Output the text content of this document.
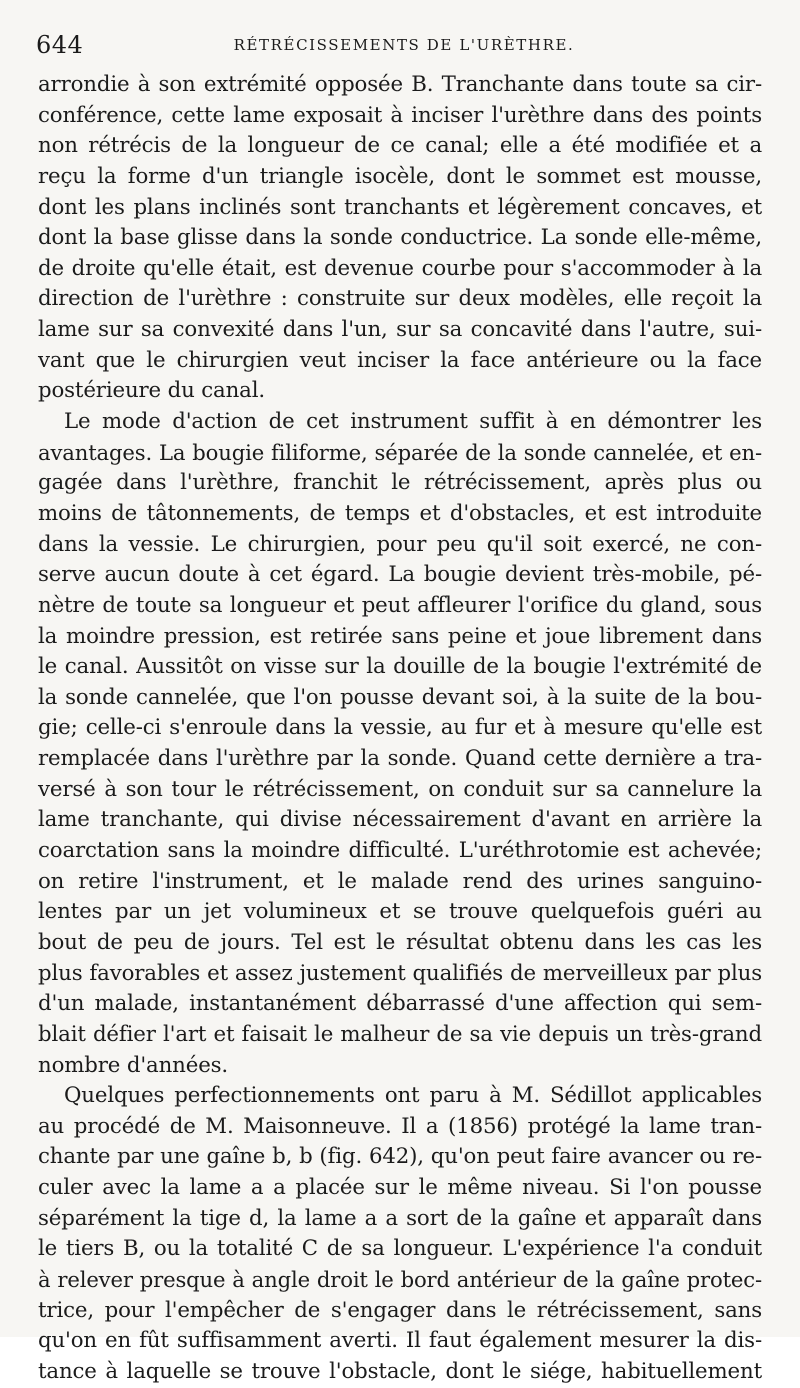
644	RÉTRÉCISSEMENTS DE L'URÈTHRE.
arrondie à son extrémité opposée B. Tranchante dans toute sa cir-
conférence, cette lame exposait à inciser l'urèthre dans des points
non rétrécis de la longueur de ce canal; elle a été modifiée et a
reçu la forme d'un triangle isocèle, dont le sommet est mousse,
dont les plans inclinés sont tranchants et légèrement concaves, et
dont la base glisse dans la sonde conductrice. La sonde elle-même,
de droite qu'elle était, est devenue courbe pour s'accommoder à la
direction de l'urèthre : construite sur deux modèles, elle reçoit la
lame sur sa convexité dans l'un, sur sa concavité dans l'autre, sui-
vant que le chirurgien veut inciser la face antérieure ou la face
postérieure du canal.
Le mode d'action de cet instrument suffit à en démontrer les
avantages. La bougie filiforme, séparée de la sonde cannelée, et en-
gagée dans l'urèthre, franchit le rétrécissement, après plus ou
moins de tâtonnements, de temps et d'obstacles, et est introduite
dans la vessie. Le chirurgien, pour peu qu'il soit exercé, ne con-
serve aucun doute à cet égard. La bougie devient très-mobile, pé-
nètre de toute sa longueur et peut affleurer l'orifice du gland, sous
la moindre pression, est retirée sans peine et joue librement dans
le canal. Aussitôt on visse sur la douille de la bougie l'extrémité de
la sonde cannelée, que l'on pousse devant soi, à la suite de la bou-
gie; celle-ci s'enroule dans la vessie, au fur et à mesure qu'elle est
remplacée dans l'urèthre par la sonde. Quand cette dernière a tra-
versé à son tour le rétrécissement, on conduit sur sa cannelure la
lame tranchante, qui divise nécessairement d'avant en arrière la
coarctation sans la moindre difficulté. L'uréthrotomie est achevée;
on retire l'instrument, et le malade rend des urines sanguino-
lentes par un jet volumineux et se trouve quelquefois guéri au
bout de peu de jours. Tel est le résultat obtenu dans les cas les
plus favorables et assez justement qualifiés de merveilleux par plus
d'un malade, instantanément débarrassé d'une affection qui sem-
blait défier l'art et faisait le malheur de sa vie depuis un très-grand
nombre d'années.
Quelques perfectionnements ont paru à M. Sédillot applicables
au procédé de M. Maisonneuve. Il a (1856) protégé la lame tran-
chante par une gaîne b, b (fig. 642), qu'on peut faire avancer ou re-
culer avec la lame a a placée sur le même niveau. Si l'on pousse
séparément la tige d, la lame a a sort de la gaîne et apparaît dans
le tiers B, ou la totalité C de sa longueur. L'expérience l'a conduit
à relever presque à angle droit le bord antérieur de la gaîne protec-
trice, pour l'empêcher de s'engager dans le rétrécissement, sans
qu'on en fût suffisamment averti. Il faut également mesurer la dis-
tance à laquelle se trouve l'obstacle, dont le siége, habituellement
